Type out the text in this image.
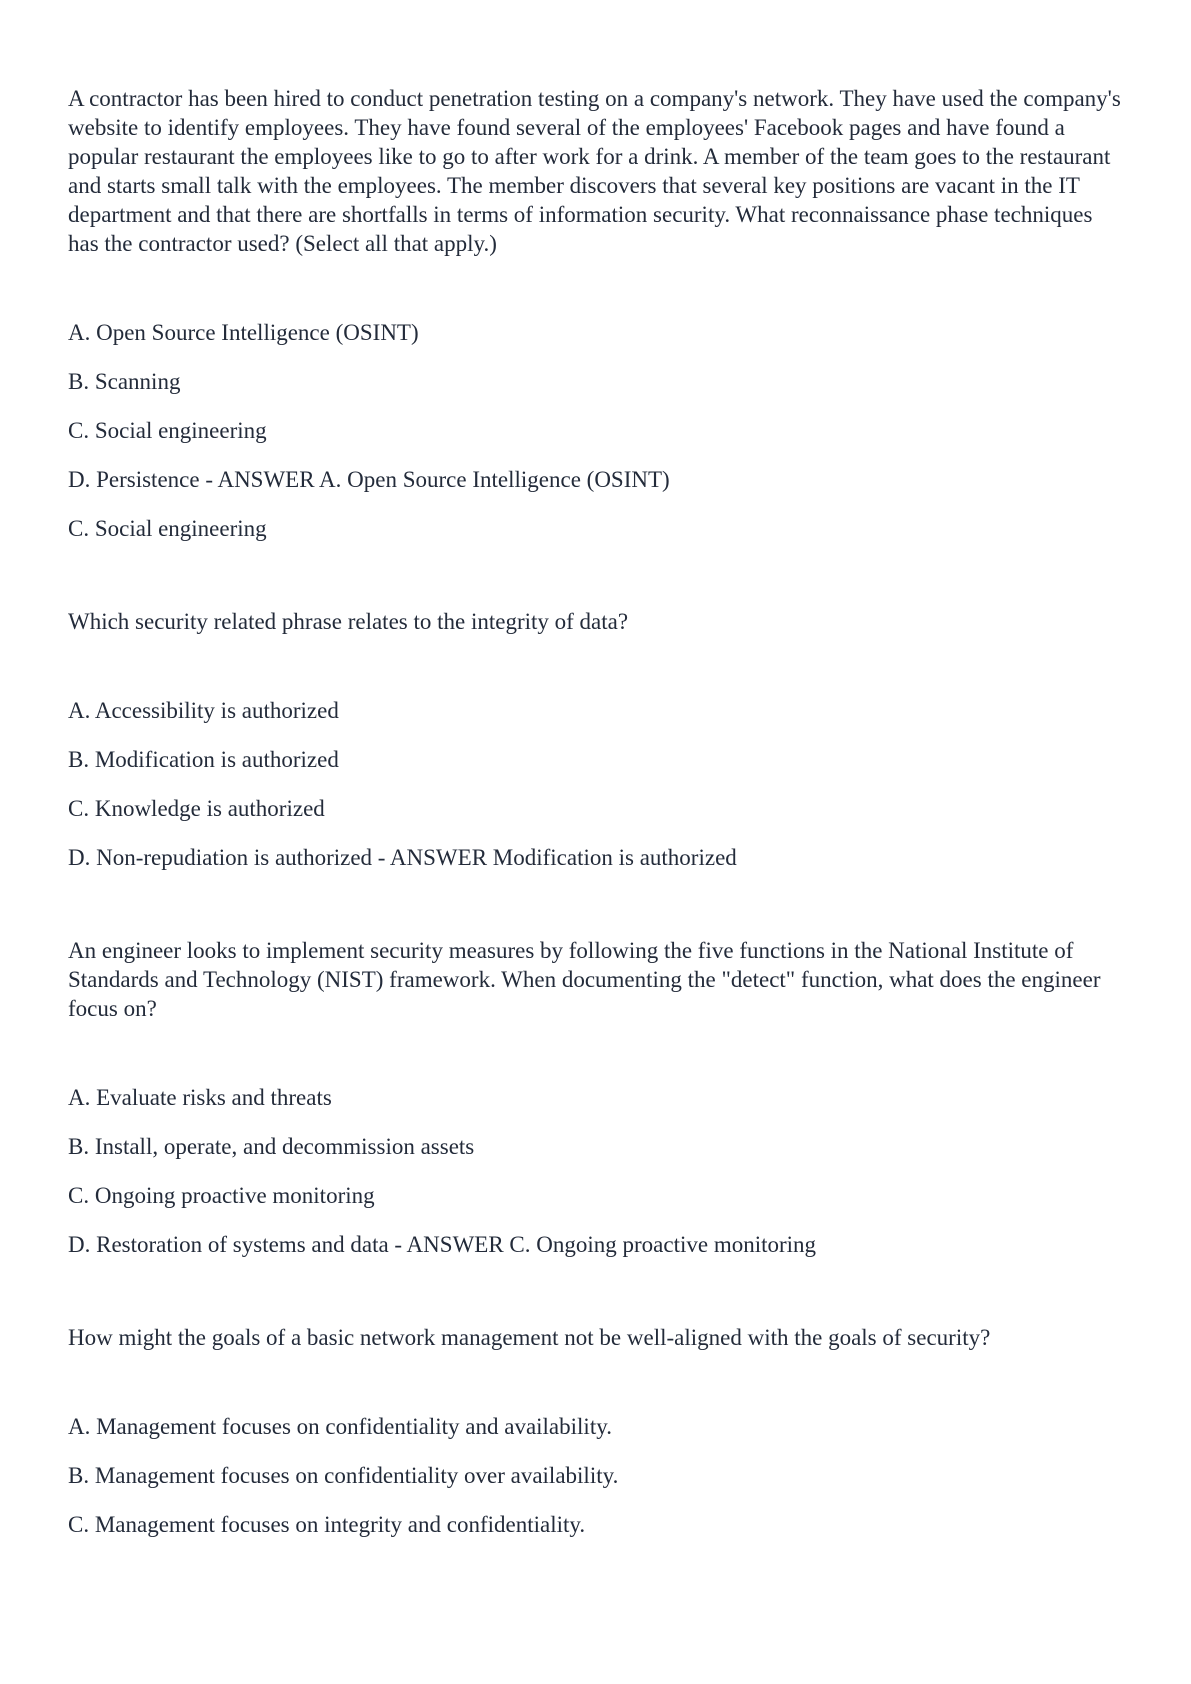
A contractor has been hired to conduct penetration testing on a company's network. They have used the company's website to identify employees. They have found several of the employees' Facebook pages and have found a popular restaurant the employees like to go to after work for a drink. A member of the team goes to the restaurant and starts small talk with the employees. The member discovers that several key positions are vacant in the IT department and that there are shortfalls in terms of information security. What reconnaissance phase techniques has the contractor used? (Select all that apply.)

A. Open Source Intelligence (OSINT)

B. Scanning

C. Social engineering

D. Persistence - ANSWER A. Open Source Intelligence (OSINT)

C. Social engineering

Which security related phrase relates to the integrity of data?

A. Accessibility is authorized

B. Modification is authorized

C. Knowledge is authorized

D. Non-repudiation is authorized - ANSWER Modification is authorized

An engineer looks to implement security measures by following the five functions in the National Institute of Standards and Technology (NIST) framework. When documenting the "detect" function, what does the engineer focus on?

A. Evaluate risks and threats

B. Install, operate, and decommission assets

C. Ongoing proactive monitoring

D. Restoration of systems and data - ANSWER C. Ongoing proactive monitoring

How might the goals of a basic network management not be well-aligned with the goals of security?

A. Management focuses on confidentiality and availability.

B. Management focuses on confidentiality over availability.

C. Management focuses on integrity and confidentiality.
